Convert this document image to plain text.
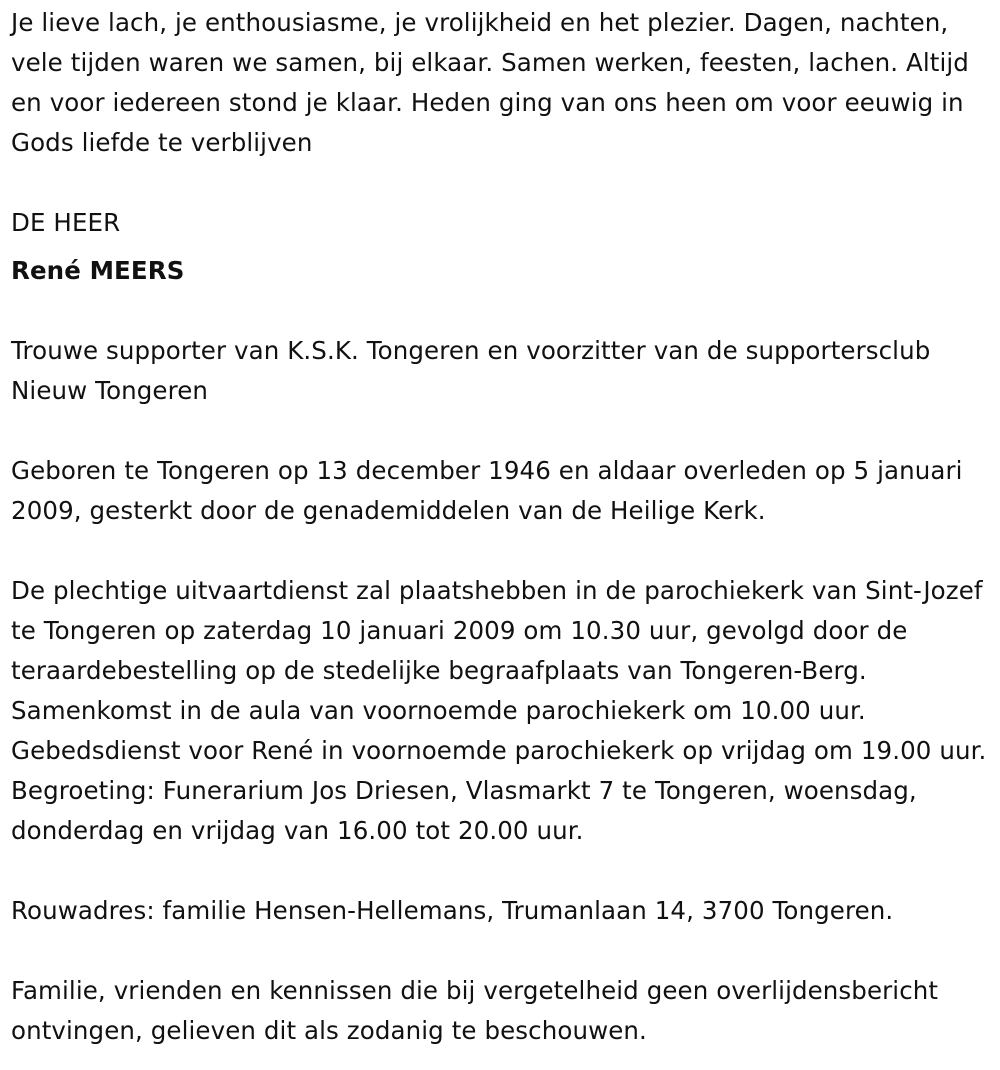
Je lieve lach, je enthousiasme, je vrolijkheid en het plezier. Dagen, nachten, vele tijden waren we samen, bij elkaar. Samen werken, feesten, lachen. Altijd en voor iedereen stond je klaar. Heden ging van ons heen om voor eeuwig in Gods liefde te verblijven

DE HEER

René MEERS

Trouwe supporter van K.S.K. Tongeren en voorzitter van de supportersclub Nieuw Tongeren

Geboren te Tongeren op 13 december 1946 en aldaar overleden op 5 januari 2009, gesterkt door de genademiddelen van de Heilige Kerk.

De plechtige uitvaartdienst zal plaatshebben in de parochiekerk van Sint-Jozef te Tongeren op zaterdag 10 januari 2009 om 10.30 uur, gevolgd door de teraardebestelling op de stedelijke begraafplaats van Tongeren-Berg. Samenkomst in de aula van voornoemde parochiekerk om 10.00 uur. Gebedsdienst voor René in voornoemde parochiekerk op vrijdag om 19.00 uur. Begroeting: Funerarium Jos Driesen, Vlasmarkt 7 te Tongeren, woensdag, donderdag en vrijdag van 16.00 tot 20.00 uur.

Rouwadres: familie Hensen-Hellemans, Trumanlaan 14, 3700 Tongeren.

Familie, vrienden en kennissen die bij vergetelheid geen overlijdensbericht ontvingen, gelieven dit als zodanig te beschouwen.
